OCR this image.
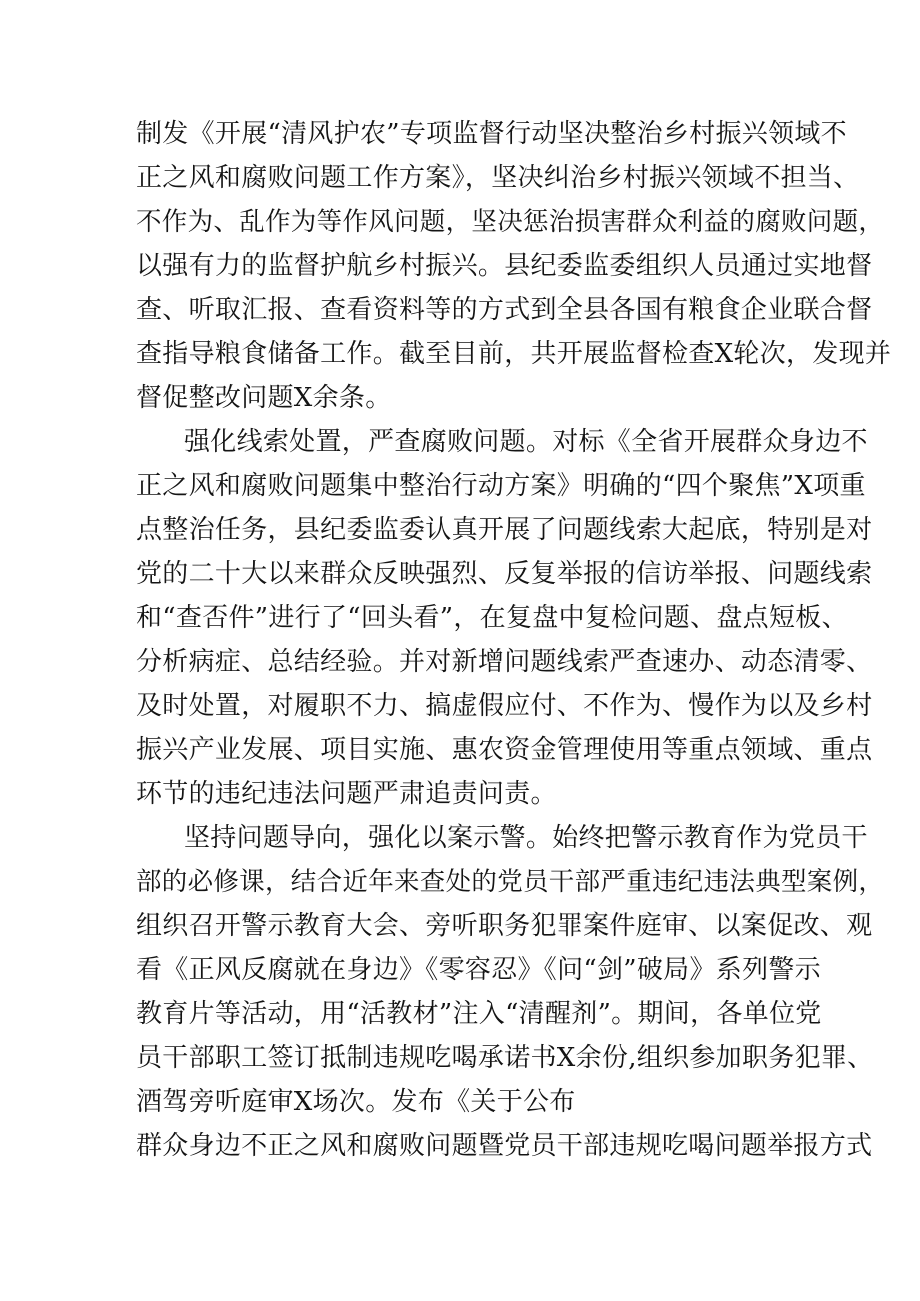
制发《开展“清风护农”专项监督行动坚决整治乡村振兴领域不
正之风和腐败问题工作方案》，坚决纠治乡村振兴领域不担当、
不作为、乱作为等作风问题，坚决惩治损害群众利益的腐败问题，
以强有力的监督护航乡村振兴。县纪委监委组织人员通过实地督
查、听取汇报、查看资料等的方式到全县各国有粮食企业联合督
查指导粮食储备工作。截至目前，共开展监督检查X轮次，发现并
督促整改问题X余条。
强化线索处置，严查腐败问题。对标《全省开展群众身边不
正之风和腐败问题集中整治行动方案》明确的“四个聚焦”X项重
点整治任务，县纪委监委认真开展了问题线索大起底，特别是对
党的二十大以来群众反映强烈、反复举报的信访举报、问题线索
和“查否件”进行了“回头看”，在复盘中复检问题、盘点短板、
分析病症、总结经验。并对新增问题线索严查速办、动态清零、
及时处置，对履职不力、搞虚假应付、不作为、慢作为以及乡村
振兴产业发展、项目实施、惠农资金管理使用等重点领域、重点
环节的违纪违法问题严肃追责问责。
坚持问题导向，强化以案示警。始终把警示教育作为党员干
部的必修课，结合近年来查处的党员干部严重违纪违法典型案例，
组织召开警示教育大会、旁听职务犯罪案件庭审、以案促改、观
看《正风反腐就在身边》《零容忍》《问“剑”破局》系列警示
教育片等活动，用“活教材”注入“清醒剂”。期间，各单位党
员干部职工签订抵制违规吃喝承诺书X余份,组织参加职务犯罪、
酒驾旁听庭审X场次。发布《关于公布
群众身边不正之风和腐败问题暨党员干部违规吃喝问题举报方式
